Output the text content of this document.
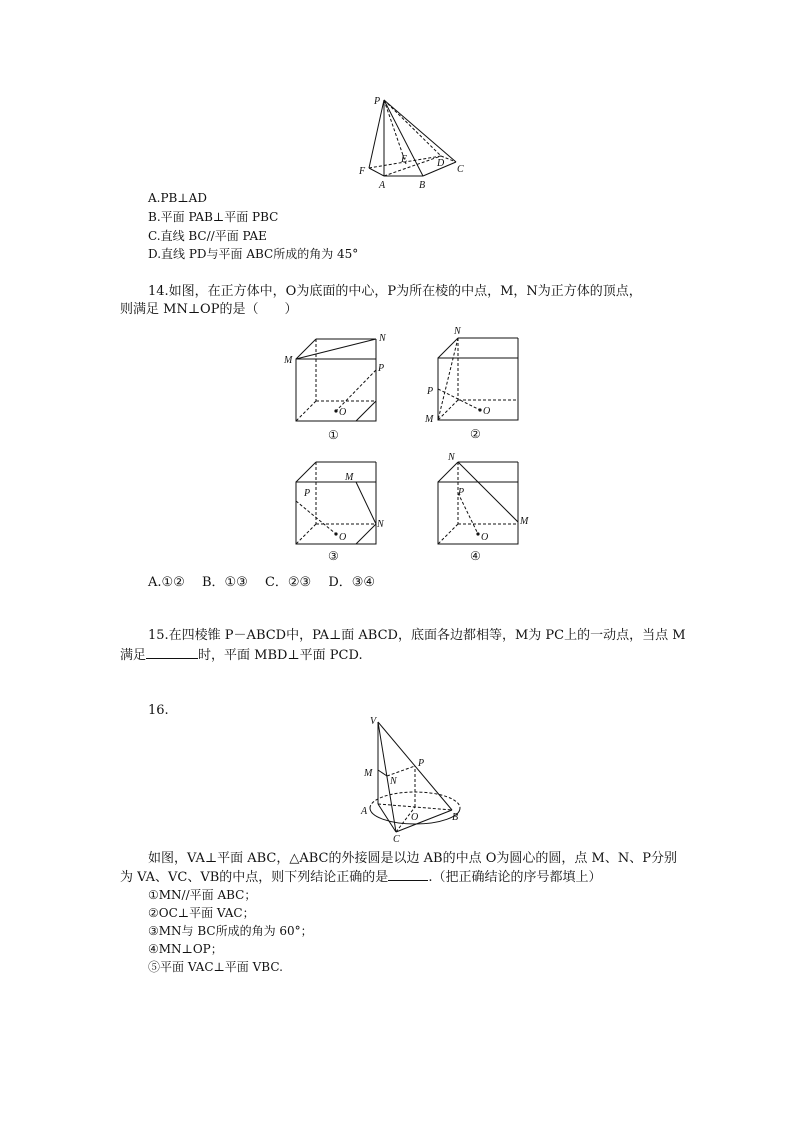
P
F
A	B
E	D
C
A.PB⊥AD
B.平面 PAB⊥平面 PBC
C.直线 BC//平面 PAE
D.直线 PD与平面 ABC所成的角为 45°
14.如图，在正方体中，O为底面的中心，P为所在棱的中点，M，N为正方体的顶点，
则满足 MN⊥OP的是（　　）
M
N
P
O
①
N
P
M
O
②
M
P
N
O
③
N
P
M
O
④
A.①②　 B．①③　 C．②③　 D．③④
15.在四棱锥 P－ABCD中，PA⊥面 ABCD，底面各边都相等，M为 PC上的一动点，当点 M
满足	时，平面 MBD⊥平面 PCD.
16.
V
P
M
N
A
O	B
C
如图，VA⊥平面 ABC，△ABC的外接圆是以边 AB的中点 O为圆心的圆，点 M、N、P分别
为 VA、VC、VB的中点，则下列结论正确的是	.（把正确结论的序号都填上）
①MN//平面 ABC；
②OC⊥平面 VAC；
③MN与 BC所成的角为 60°；
④MN⊥OP；
⑤平面 VAC⊥平面 VBC.
